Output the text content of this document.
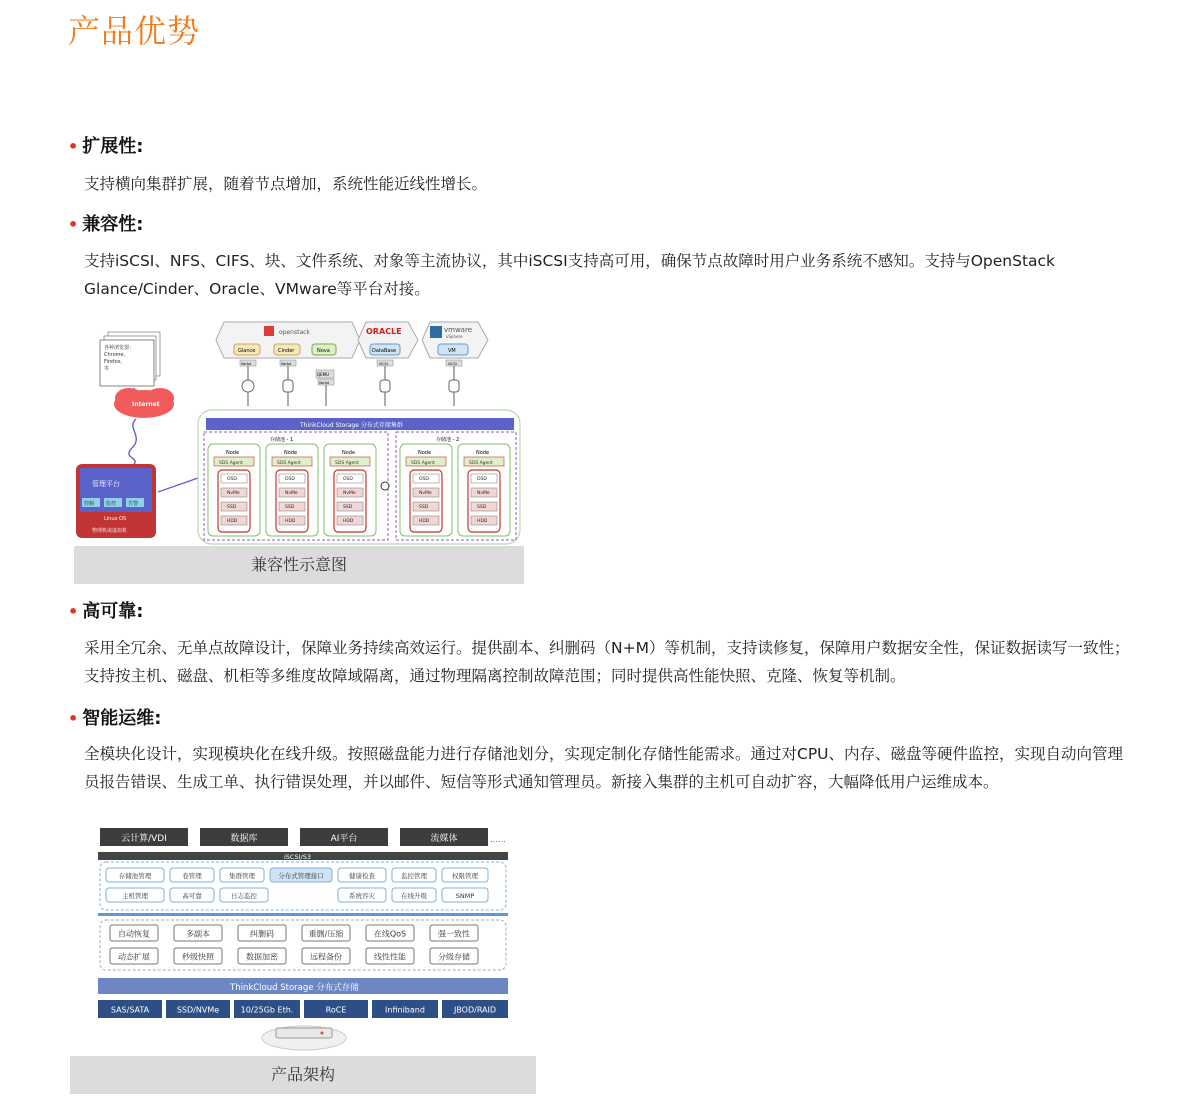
产品优势
• 扩展性:
支持横向集群扩展，随着节点增加，系统性能近线性增长。
• 兼容性:
支持iSCSI、NFS、CIFS、块、文件系统、对象等主流协议，其中iSCSI支持高可用，确保节点故障时用户业务系统不感知。支持与OpenStack Glance/Cinder、Oracle、VMware等平台对接。
各种浏览器：
Chrome、
Firefox、
等
Internet
管理平台
控制 监控 告警
Linux OS
物理机或虚拟机
openstack
Glance	Cinder	Nova
librbd	librbd
QEMU
librbd
ORACLE
DataBase
iSCSI
vmware
vSphere
VM
iSCSI
ThinkCloud Storage 分布式存储集群
存储池 - 1	存储池 - 2
Node
SDS Agent
OSD
NvMe
SSD
HDD
Node
SDS Agent
OSD
NvMe
SSD
HDD
Node
SDS Agent
OSD
NvMe
SSD
HDD
Node
SDS Agent
OSD
NvMe
SSD
HDD
Node
SDS Agent
OSD
NvMe
SSD
HDD
兼容性示意图
• 高可靠:
采用全冗余、无单点故障设计，保障业务持续高效运行。提供副本、纠删码（N+M）等机制，支持读修复，保障用户数据安全性，保证数据读写一致性；支持按主机、磁盘、机柜等多维度故障域隔离，通过物理隔离控制故障范围；同时提供高性能快照、克隆、恢复等机制。
• 智能运维:
全模块化设计，实现模块化在线升级。按照磁盘能力进行存储池划分，实现定制化存储性能需求。通过对CPU、内存、磁盘等硬件监控，实现自动向管理员报告错误、生成工单、执行错误处理，并以邮件、短信等形式通知管理员。新接入集群的主机可自动扩容，大幅降低用户运维成本。
云计算/VDI	数据库	AI平台	流媒体	……
iSCSI/S3
存储池管理	卷管理	集群管理	分布式管理接口	健康检查	监控管理	权限管理
主机管理	高可靠	日志监控	系统容灾	在线升级	SNMP
自动恢复	多副本	纠删码	重删/压缩	在线QoS	强一致性
动态扩展	秒级快照	数据加密	远程备份	线性性能	分级存储
ThinkCloud Storage 分布式存储
SAS/SATA	SSD/NVMe	10/25Gb Eth.	RoCE	Infiniband	JBOD/RAID
产品架构
